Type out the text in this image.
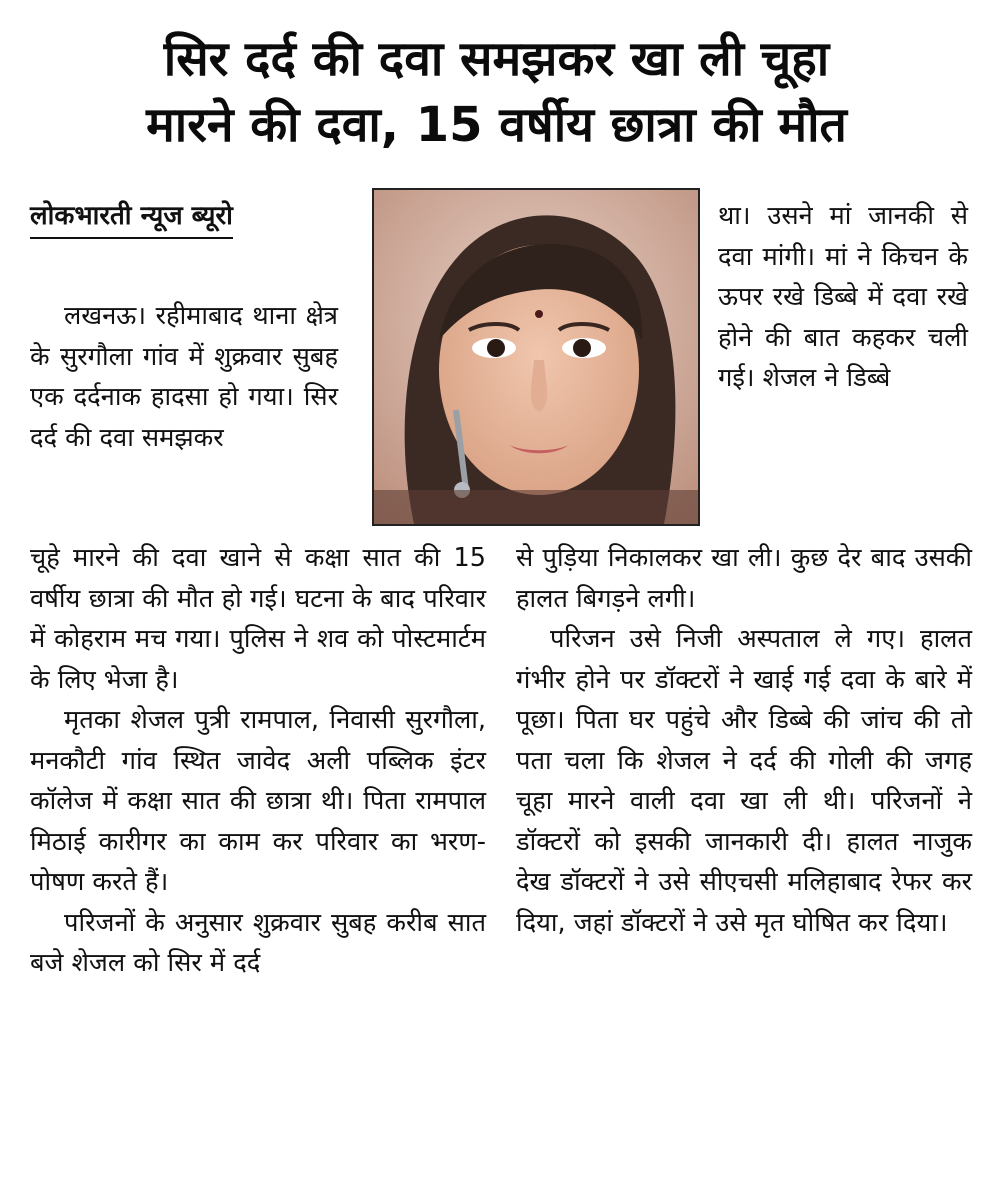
सिर दर्द की दवा समझकर खा ली चूहा
मारने की दवा, 15 वर्षीय छात्रा की मौत
लोकभारती न्यूज ब्यूरो

लखनऊ। रहीमाबाद थाना क्षेत्र के सुरगौला गांव में शुक्रवार सुबह एक दर्दनाक हादसा हो गया। सिर दर्द की दवा समझकर

चूहे मारने की दवा खाने से कक्षा सात की 15 वर्षीय छात्रा की मौत हो गई। घटना के बाद परिवार में कोहराम मच गया। पुलिस ने शव को पोस्टमार्टम के लिए भेजा है।

मृतका शेजल पुत्री रामपाल, निवासी सुरगौला, मनकौटी गांव स्थित जावेद अली पब्लिक इंटर कॉलेज में कक्षा सात की छात्रा थी। पिता रामपाल मिठाई कारीगर का काम कर परिवार का भरण-पोषण करते हैं।

परिजनों के अनुसार शुक्रवार सुबह करीब सात बजे शेजल को सिर में दर्द

था। उसने मां जानकी से दवा मांगी। मां ने किचन के ऊपर रखे डिब्बे में दवा रखे होने की बात कहकर चली गई। शेजल ने डिब्बे

से पुड़िया निकालकर खा ली। कुछ देर बाद उसकी हालत बिगड़ने लगी।

परिजन उसे निजी अस्पताल ले गए। हालत गंभीर होने पर डॉक्टरों ने खाई गई दवा के बारे में पूछा। पिता घर पहुंचे और डिब्बे की जांच की तो पता चला कि शेजल ने दर्द की गोली की जगह चूहा मारने वाली दवा खा ली थी। परिजनों ने डॉक्टरों को इसकी जानकारी दी। हालत नाजुक देख डॉक्टरों ने उसे सीएचसी मलिहाबाद रेफर कर दिया, जहां डॉक्टरों ने उसे मृत घोषित कर दिया।
